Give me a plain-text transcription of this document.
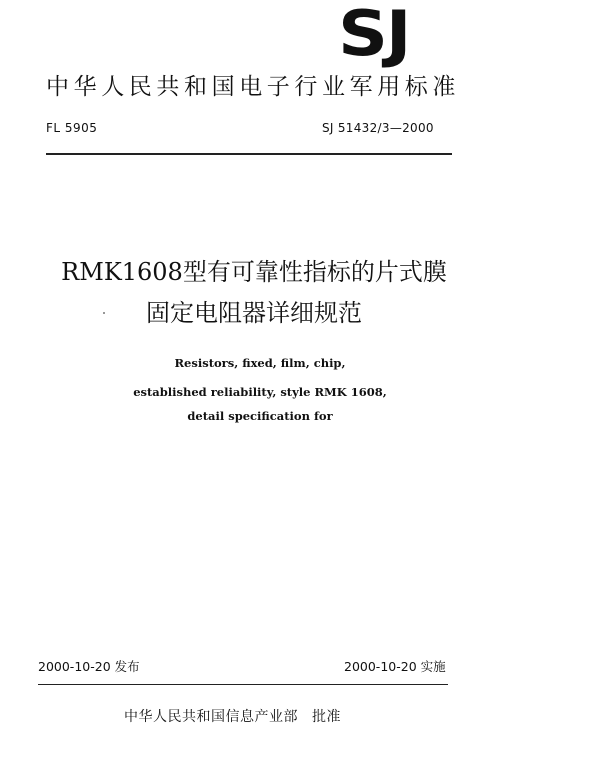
SJ
中华人民共和国电子行业军用标准
FL 5905	SJ 51432/3—2000
RMK1608型有可靠性指标的片式膜
固定电阻器详细规范
Resistors, fixed, film, chip,
established reliability, style RMK 1608,
detail specification for
2000-10-20 发布	2000-10-20 实施
中华人民共和国信息产业部 批准
